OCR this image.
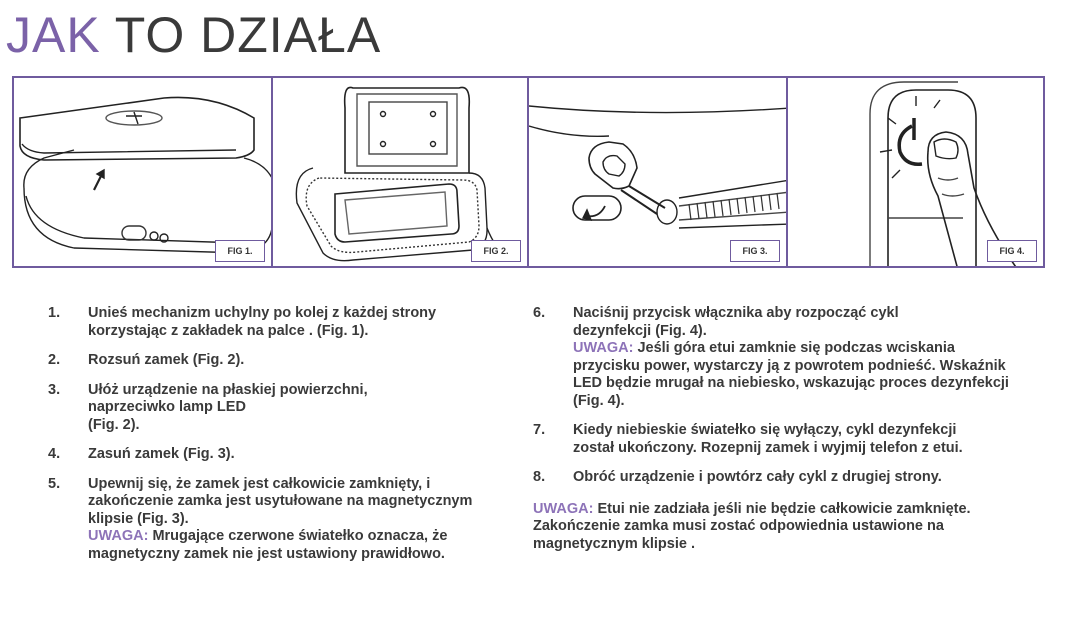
JAK TO DZIAŁA
FIG 1.	FIG 2.	FIG 3.	FIG 4.
1.	Unieś mechanizm uchylny po kolej z każdej strony korzystając z zakładek na palce . (Fig. 1).
2.	Rozsuń zamek (Fig. 2).
3.	Ułóż urządzenie na płaskiej powierzchni, naprzeciwko lamp LED
(Fig. 2).
4.	Zasuń zamek (Fig. 3).
5.	Upewnij się, że zamek jest całkowicie zamknięty, i zakończenie zamka jest usytułowane na magnetycznym klipsie (Fig. 3).
UWAGA: Mrugające czerwone światełko oznacza, że magnetyczny zamek nie jest ustawiony prawidłowo.
6.	Naciśnij przycisk włącznika aby rozpocząć cykl dezynfekcji (Fig. 4).
UWAGA: Jeśli góra etui zamknie się podczas wciskania przycisku power, wystarczy ją z powrotem podnieść. Wskaźnik LED będzie mrugał na niebiesko, wskazując proces dezynfekcji (Fig. 4).
7.	Kiedy niebieskie światełko się wyłączy, cykl dezynfekcji został ukończony. Rozepnij zamek i wyjmij telefon z etui.
8.	Obróć urządzenie i powtórz cały cykl z drugiej strony.
UWAGA: Etui nie zadziała jeśli nie będzie całkowicie zamknięte. Zakończenie zamka musi zostać odpowiednia ustawione na magnetycznym klipsie .
